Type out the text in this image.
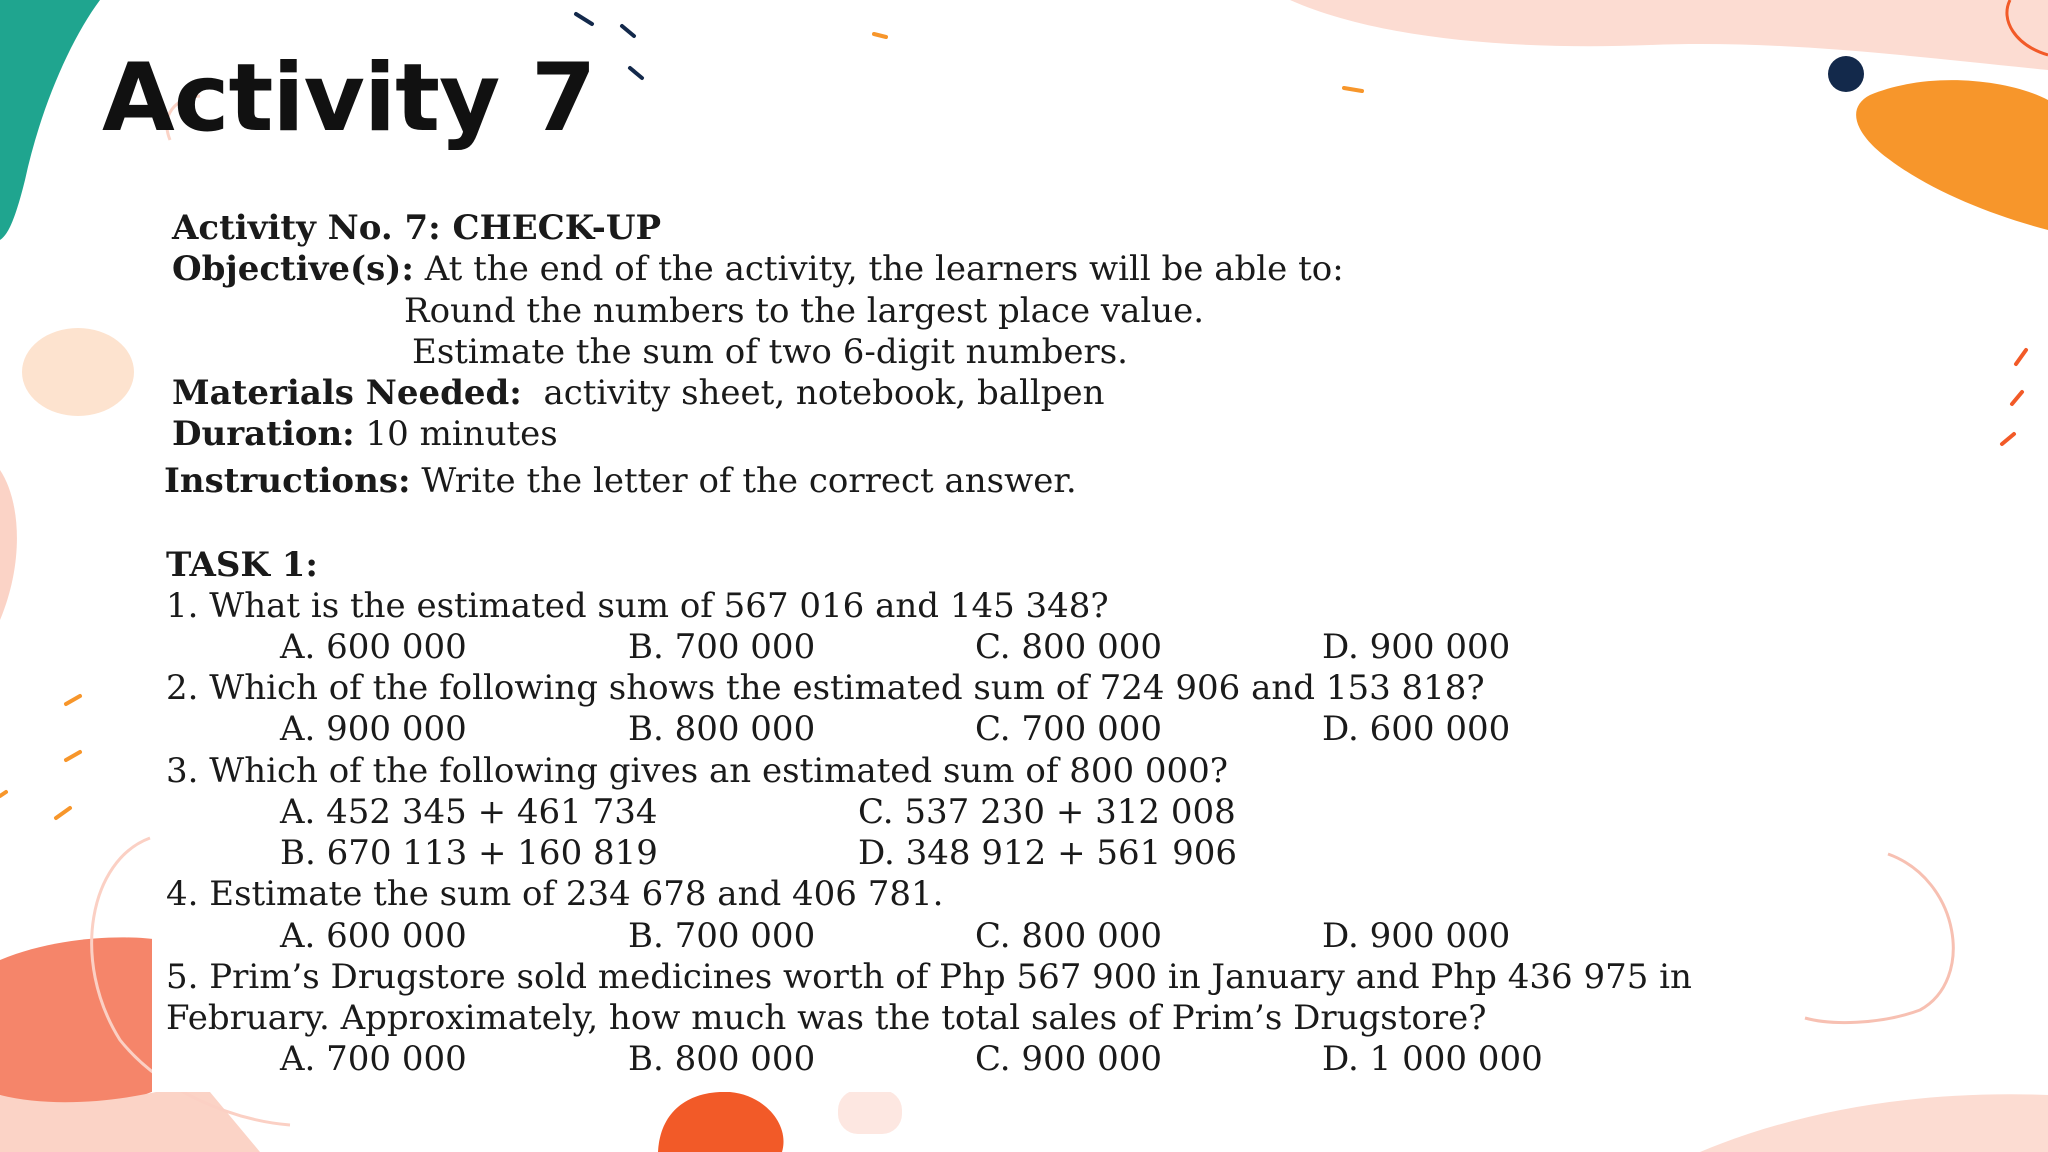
Activity 7
Activity No. 7: CHECK-UP
Objective(s): At the end of the activity, the learners will be able to:
Round the numbers to the largest place value.
Estimate the sum of two 6-digit numbers.
Materials Needed: activity sheet, notebook, ballpen
Duration: 10 minutes
Instructions: Write the letter of the correct answer.
TASK 1:
1. What is the estimated sum of 567 016 and 145 348?
A. 600 000	B. 700 000	C. 800 000	D. 900 000
2. Which of the following shows the estimated sum of 724 906 and 153 818?
A. 900 000	B. 800 000	C. 700 000	D. 600 000
3. Which of the following gives an estimated sum of 800 000?
A. 452 345 + 461 734	C. 537 230 + 312 008
B. 670 113 + 160 819	D. 348 912 + 561 906
4. Estimate the sum of 234 678 and 406 781.
A. 600 000	B. 700 000	C. 800 000	D. 900 000
5. Prim’s Drugstore sold medicines worth of Php 567 900 in January and Php 436 975 in
February. Approximately, how much was the total sales of Prim’s Drugstore?
A. 700 000	B. 800 000	C. 900 000	D. 1 000 000
